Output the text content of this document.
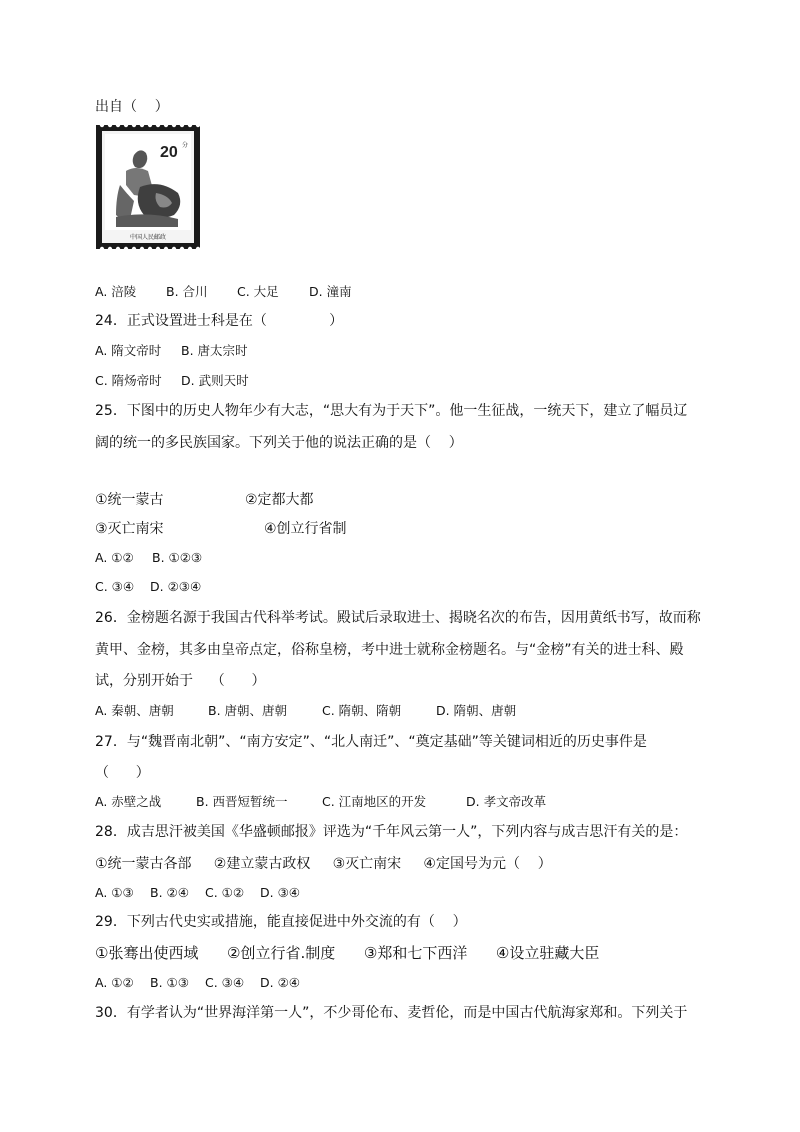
出自（    ）
20 分
中国人民邮政
A. 涪陵 B. 合川 C. 大足 D. 潼南
24．正式设置进士科是在（              ）
A. 隋文帝时 B. 唐太宗时
C. 隋炀帝时 D. 武则天时
25．下图中的历史人物年少有大志，“思大有为于天下”。他一生征战，一统天下，建立了幅员辽
阔的统一的多民族国家。下列关于他的说法正确的是（    ）
①统一蒙古	②定都大都
③灭亡南宋	④创立行省制
A. ①② B. ①②③
C. ③④ D. ②③④
26．金榜题名源于我国古代科举考试。殿试后录取进士、揭晓名次的布告，因用黄纸书写，故而称
黄甲、金榜，其多由皇帝点定，俗称皇榜，考中进士就称金榜题名。与“金榜”有关的进士科、殿
试，分别开始于    （      ）
A. 秦朝、唐朝	B. 唐朝、唐朝	C. 隋朝、隋朝	D. 隋朝、唐朝
27．与“魏晋南北朝”、“南方安定”、“北人南迁”、“奠定基础”等关键词相近的历史事件是
（      ）
A. 赤壁之战	B. 西晋短暂统一	C. 江南地区的开发	D. 孝文帝改革
28．成吉思汗被美国《华盛顿邮报》评选为“千年风云第一人”，下列内容与成吉思汗有关的是：
①统一蒙古各部     ②建立蒙古政权     ③灭亡南宋     ④定国号为元（    ）
A. ①③ B. ②④ C. ①② D. ③④
29．下列古代史实或措施，能直接促进中外交流的有（    ）
①张骞出使西域      ②创立行省.制度      ③郑和七下西洋      ④设立驻藏大臣
A. ①② B. ①③ C. ③④ D. ②④
30．有学者认为“世界海洋第一人”，不少哥伦布、麦哲伦，而是中国古代航海家郑和。下列关于
